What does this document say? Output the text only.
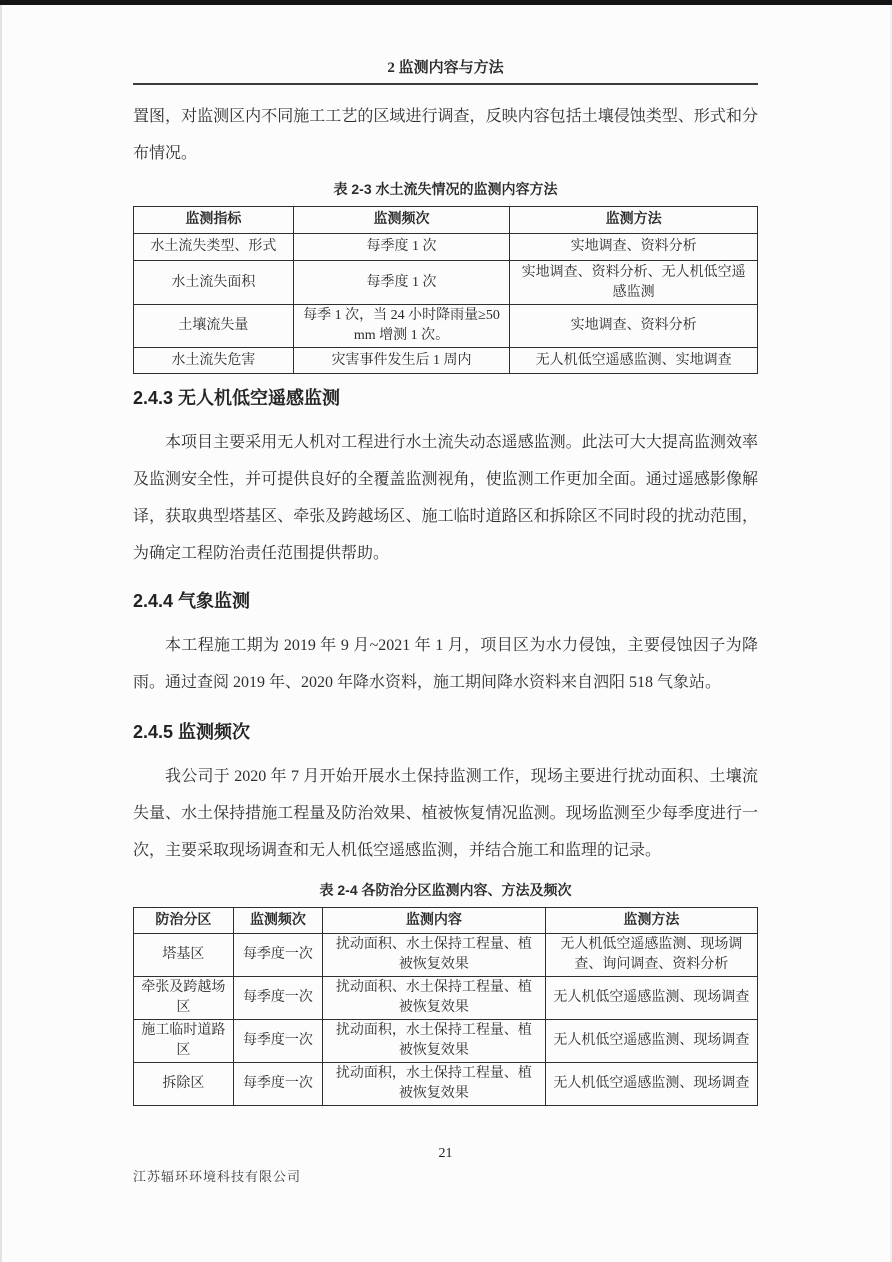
2 监测内容与方法

置图，对监测区内不同施工工艺的区域进行调查，反映内容包括土壤侵蚀类型、形式和分布情况。

表 2-3 水土流失情况的监测内容方法
监测指标	监测频次	监测方法
水土流失类型、形式	每季度 1 次	实地调查、资料分析
水土流失面积	每季度 1 次	实地调查、资料分析、无人机低空遥感监测
土壤流失量	每季 1 次，当 24 小时降雨量≥50mm 增测 1 次。	实地调查、资料分析
水土流失危害	灾害事件发生后 1 周内	无人机低空遥感监测、实地调查
2.4.3 无人机低空遥感监测

本项目主要采用无人机对工程进行水土流失动态遥感监测。此法可大大提高监测效率及监测安全性，并可提供良好的全覆盖监测视角，使监测工作更加全面。通过遥感影像解译，获取典型塔基区、牵张及跨越场区、施工临时道路区和拆除区不同时段的扰动范围，为确定工程防治责任范围提供帮助。

2.4.4 气象监测

本工程施工期为 2019 年 9 月~2021 年 1 月，项目区为水力侵蚀，主要侵蚀因子为降雨。通过查阅 2019 年、2020 年降水资料，施工期间降水资料来自泗阳 518 气象站。

2.4.5 监测频次

我公司于 2020 年 7 月开始开展水土保持监测工作，现场主要进行扰动面积、土壤流失量、水土保持措施工程量及防治效果、植被恢复情况监测。现场监测至少每季度进行一次，主要采取现场调查和无人机低空遥感监测，并结合施工和监理的记录。

表 2-4 各防治分区监测内容、方法及频次
防治分区	监测频次	监测内容	监测方法
塔基区	每季度一次	扰动面积、水土保持工程量、植被恢复效果	无人机低空遥感监测、现场调查、询问调查、资料分析
牵张及跨越场区	每季度一次	扰动面积、水土保持工程量、植被恢复效果	无人机低空遥感监测、现场调查
施工临时道路区	每季度一次	扰动面积，水土保持工程量、植被恢复效果	无人机低空遥感监测、现场调查
拆除区	每季度一次	扰动面积，水土保持工程量、植被恢复效果	无人机低空遥感监测、现场调查
21
江苏辐环环境科技有限公司
